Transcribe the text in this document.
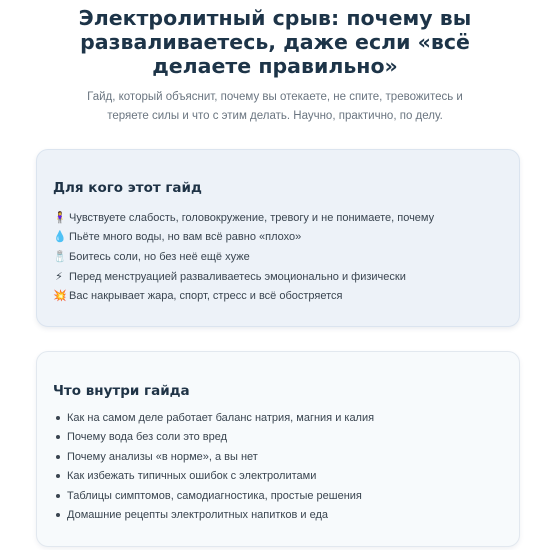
Электролитный срыв: почему вы разваливаетесь, даже если «всё делаете правильно»

Гайд, который объяснит, почему вы отекаете, не спите, тревожитесь и теряете силы и что с этим делать. Научно, практично, по делу.

Для кого этот гайд
🧍‍♀️ Чувствуете слабость, головокружение, тревогу и не понимаете, почему
💧 Пьёте много воды, но вам всё равно «плохо»
🧂 Боитесь соли, но без неё ещё хуже
⚡ Перед менструацией разваливаетесь эмоционально и физически
💥 Вас накрывает жара, спорт, стресс и всё обостряется
Что внутри гайда
Как на самом деле работает баланс натрия, магния и калия
Почему вода без соли это вред
Почему анализы «в норме», а вы нет
Как избежать типичных ошибок с электролитами
Таблицы симптомов, самодиагностика, простые решения
Домашние рецепты электролитных напитков и еда
